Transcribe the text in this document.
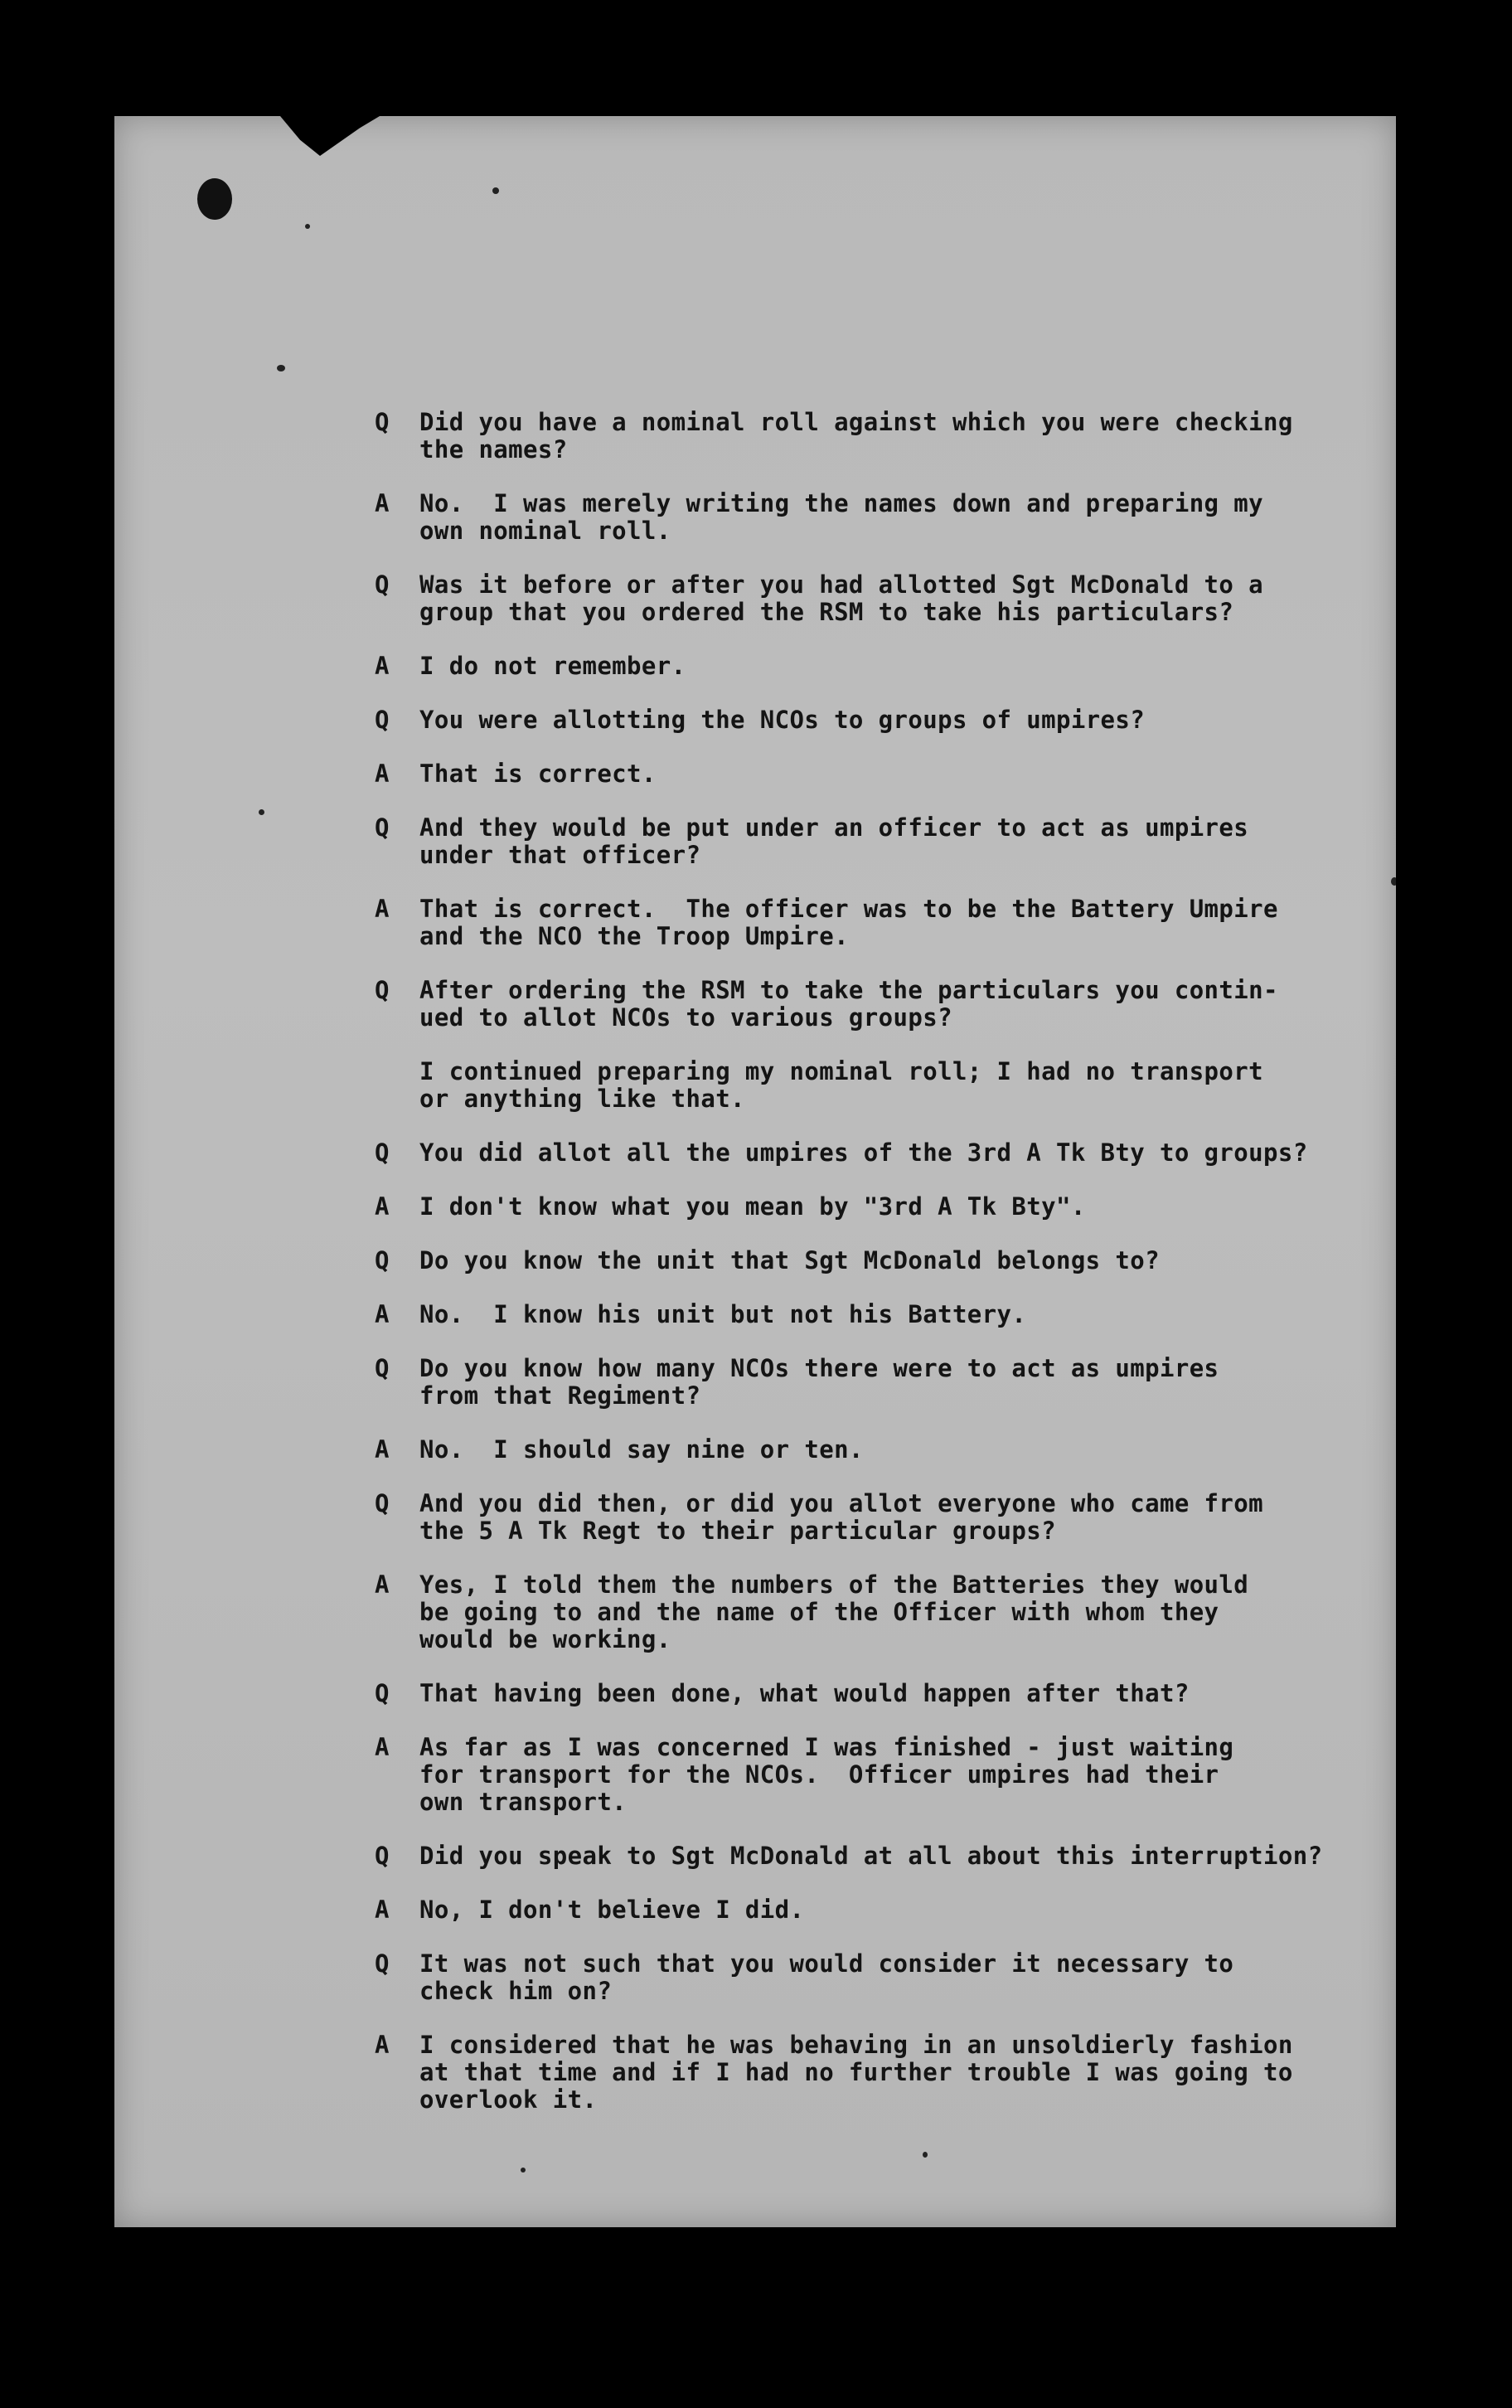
Q	Did you have a nominal roll against which you were checking
the names?
A	No.  I was merely writing the names down and preparing my
own nominal roll.
Q	Was it before or after you had allotted Sgt McDonald to a
group that you ordered the RSM to take his particulars?
A	I do not remember.
Q	You were allotting the NCOs to groups of umpires?
A	That is correct.
Q	And they would be put under an officer to act as umpires
under that officer?
A	That is correct.  The officer was to be the Battery Umpire
and the NCO the Troop Umpire.
Q	After ordering the RSM to take the particulars you contin-
ued to allot NCOs to various groups?
I continued preparing my nominal roll; I had no transport
or anything like that.
Q	You did allot all the umpires of the 3rd A Tk Bty to groups?
A	I don't know what you mean by "3rd A Tk Bty".
Q	Do you know the unit that Sgt McDonald belongs to?
A	No.  I know his unit but not his Battery.
Q	Do you know how many NCOs there were to act as umpires
from that Regiment?
A	No.  I should say nine or ten.
Q	And you did then, or did you allot everyone who came from
the 5 A Tk Regt to their particular groups?
A	Yes, I told them the numbers of the Batteries they would
be going to and the name of the Officer with whom they
would be working.
Q	That having been done, what would happen after that?
A	As far as I was concerned I was finished - just waiting
for transport for the NCOs.  Officer umpires had their
own transport.
Q	Did you speak to Sgt McDonald at all about this interruption?
A	No, I don't believe I did.
Q	It was not such that you would consider it necessary to
check him on?
A	I considered that he was behaving in an unsoldierly fashion
at that time and if I had no further trouble I was going to
overlook it.
